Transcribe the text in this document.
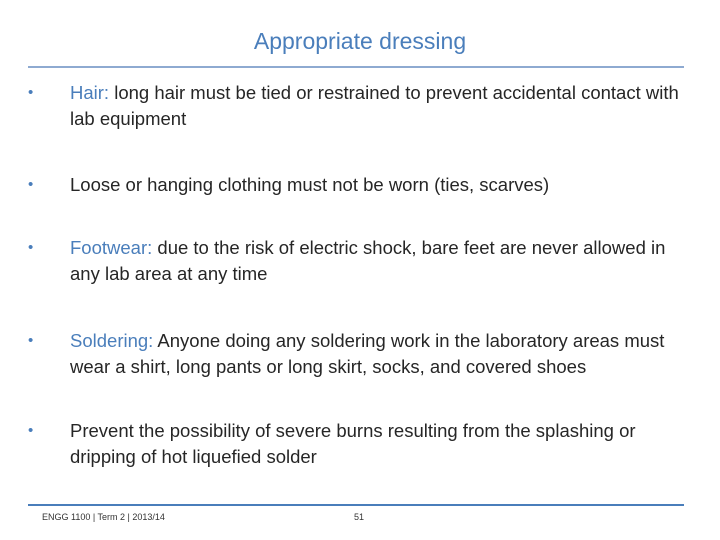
Appropriate dressing
•	Hair: long hair must be tied or restrained to prevent accidental contact with lab equipment
•	Loose or hanging clothing must not be worn (ties, scarves)
•	Footwear: due to the risk of electric shock, bare feet are never allowed in any lab area at any time
•	Soldering: Anyone doing any soldering work in the laboratory areas must wear a shirt, long pants or long skirt, socks, and covered shoes
•	Prevent the possibility of severe burns resulting from the splashing or dripping of hot liquefied solder
ENGG 1100 | Term 2 | 2013/14	51
